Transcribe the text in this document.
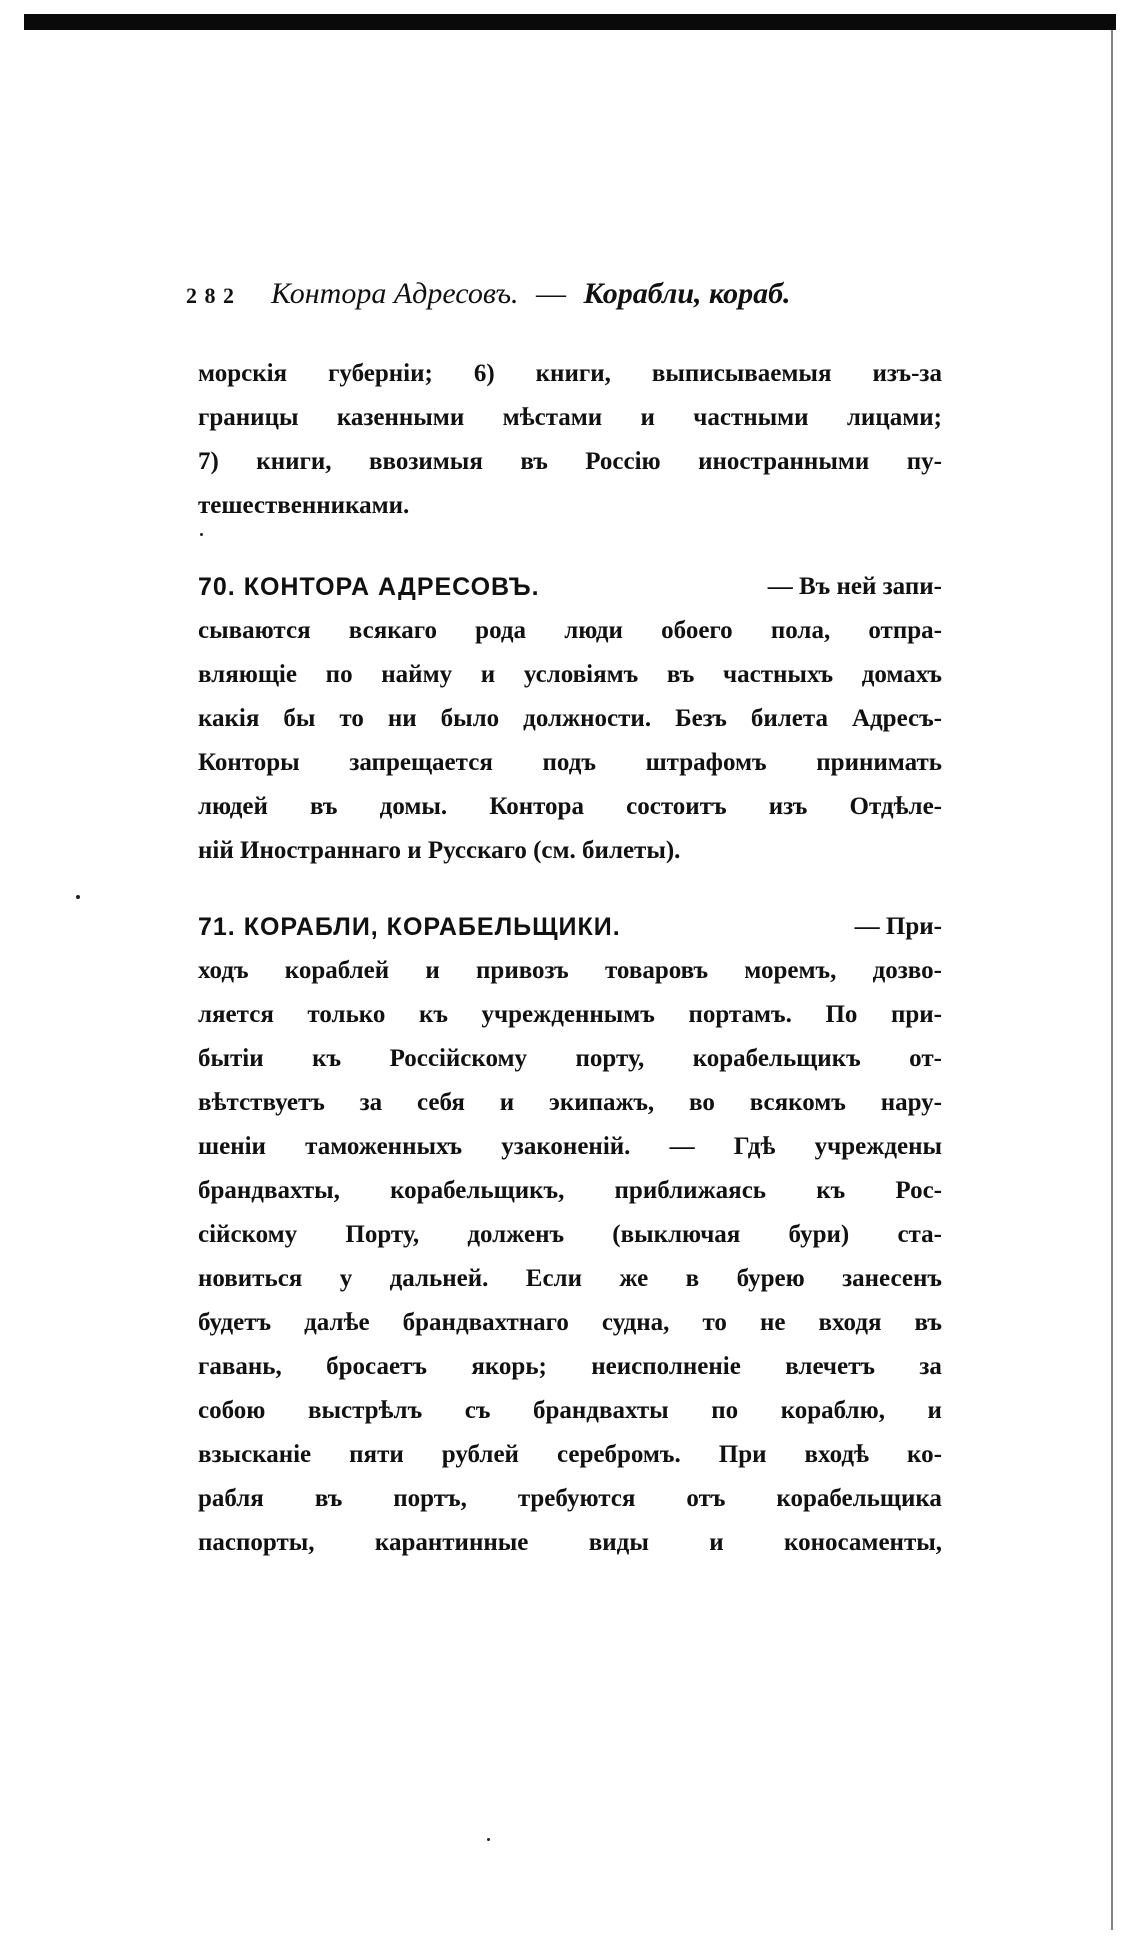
2 8 2 Контора Адресовъ. — Корабли, кораб.
морскія губерніи; 6) книги, выписываемыя изъ-за
границы казенными мѣстами и частными лицами;
7) книги, ввозимыя въ Россію иностранными пу-
тешественниками.
70. КОНТОРА АДРЕСОВЪ.	— Въ ней запи-
сываются всякаго рода люди обоего пола, отпра-
вляющіе по найму и условіямъ въ частныхъ домахъ
какія бы то ни было должности. Безъ билета Адресъ-
Конторы запрещается подъ штрафомъ принимать
людей въ домы. Контора состоитъ изъ Отдѣле-
ній Иностраннаго и Русскаго (см. билеты).
71. КОРАБЛИ, КОРАБЕЛЬЩИКИ.	— При-
ходъ кораблей и привозъ товаровъ моремъ, дозво-
ляется только къ учрежденнымъ портамъ. По при-
бытіи къ Россійскому порту, корабельщикъ от-
вѣтствуетъ за себя и экипажъ, во всякомъ нару-
шеніи таможенныхъ узаконеній. — Гдѣ учреждены
брандвахты, корабельщикъ, приближаясь къ Рос-
сійскому Порту, долженъ (выключая бури) ста-
новиться у дальней. Если же в бурею занесенъ
будетъ далѣе брандвахтнаго судна, то не входя въ
гавань, бросаетъ якорь; неисполненіе влечетъ за
собою выстрѣлъ съ брандвахты по кораблю, и
взысканіе пяти рублей серебромъ. При входѣ ко-
рабля въ портъ, требуются отъ корабельщика
паспорты, карантинные виды и коносаменты,
